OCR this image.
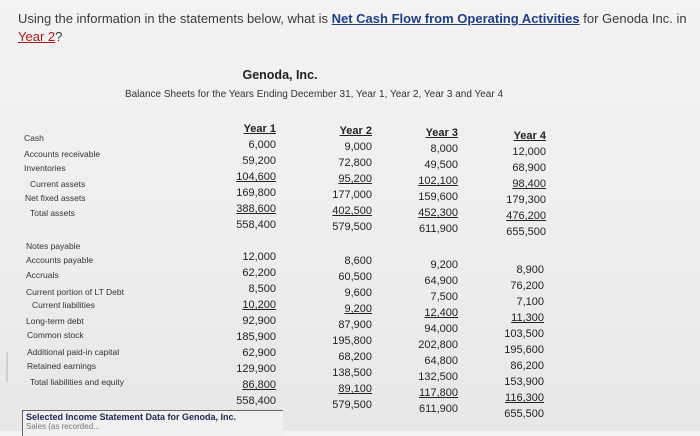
Using the information in the statements below, what is Net Cash Flow from Operating Activities for Genoda Inc. in Year 2?
Genoda, Inc.
Balance Sheets for the Years Ending December 31, Year 1, Year 2, Year 3 and Year 4
Cash
Accounts receivable
Inventories
Current assets
Net fixed assets
Total assets
Notes payable
Accounts payable
Accruals
Current portion of LT Debt
Current liabilities
Long-term debt
Common stock
Additional paid-in capital
Retained earnings
Total liabilities and equity
Year 1
6,000
59,200
104,600
169,800
388,600
558,400
Year 2
9,000
72,800
95,200
177,000
402,500
579,500
Year 3
8,000
49,500
102,100
159,600
452,300
611,900
Year 4
12,000
68,900
98,400
179,300
476,200
655,500
12,000
62,200
8,500
10,200
92,900
185,900
62,900
129,900
86,800
558,400
8,600
60,500
9,600
9,200
87,900
195,800
68,200
138,500
89,100
579,500
9,200
64,900
7,500
12,400
94,000
202,800
64,800
132,500
117,800
611,900
8,900
76,200
7,100
11,300
103,500
195,600
86,200
153,900
116,300
655,500
Selected Income Statement Data for Genoda, Inc.
Sales (as recorded...
